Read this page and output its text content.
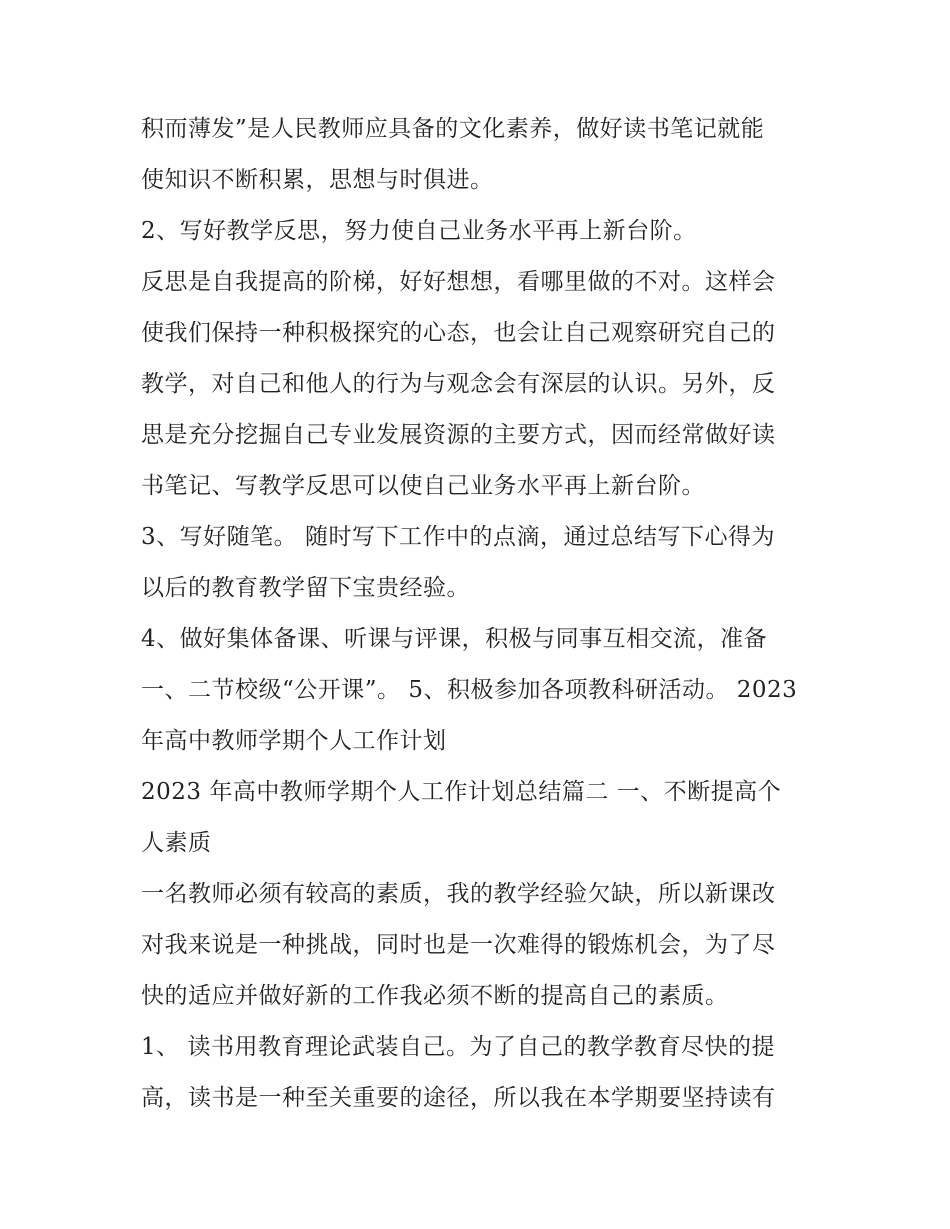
积而薄发”是人民教师应具备的文化素养，做好读书笔记就能
使知识不断积累，思想与时俱进。
2、写好教学反思，努力使自己业务水平再上新台阶。
反思是自我提高的阶梯，好好想想，看哪里做的不对。这样会
使我们保持一种积极探究的心态，也会让自己观察研究自己的
教学，对自己和他人的行为与观念会有深层的认识。另外，反
思是充分挖掘自己专业发展资源的主要方式，因而经常做好读
书笔记、写教学反思可以使自己业务水平再上新台阶。
3、写好随笔。 随时写下工作中的点滴，通过总结写下心得为
以后的教育教学留下宝贵经验。
4、做好集体备课、听课与评课，积极与同事互相交流，准备
一、二节校级“公开课”。 5、积极参加各项教科研活动。 2023
年高中教师学期个人工作计划
2023 年高中教师学期个人工作计划总结篇二 一、不断提高个
人素质
一名教师必须有较高的素质，我的教学经验欠缺，所以新课改
对我来说是一种挑战，同时也是一次难得的锻炼机会，为了尽
快的适应并做好新的工作我必须不断的提高自己的素质。
1、 读书用教育理论武装自己。为了自己的教学教育尽快的提
高，读书是一种至关重要的途径，所以我在本学期要坚持读有
